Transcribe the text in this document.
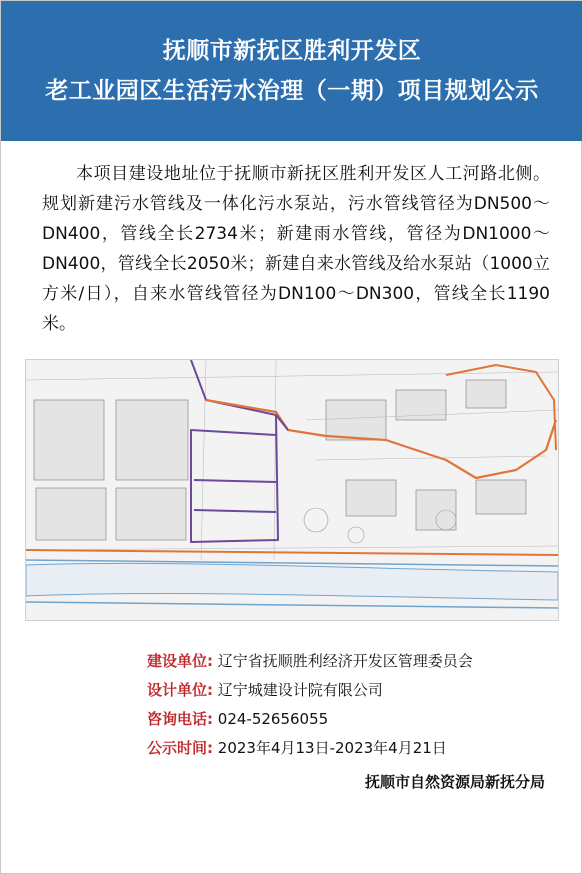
抚顺市新抚区胜利开发区
老工业园区生活污水治理（一期）项目规划公示
本项目建设地址位于抚顺市新抚区胜利开发区人工河路北侧。规划新建污水管线及一体化污水泵站，污水管线管径为DN500～DN400，管线全长2734米；新建雨水管线，管径为DN1000～DN400，管线全长2050米；新建自来水管线及给水泵站（1000立方米/日），自来水管线管径为DN100～DN300，管线全长1190米。
建设单位: 辽宁省抚顺胜利经济开发区管理委员会
设计单位: 辽宁城建设计院有限公司
咨询电话: 024-52656055
公示时间: 2023年4月13日-2023年4月21日
抚顺市自然资源局新抚分局
